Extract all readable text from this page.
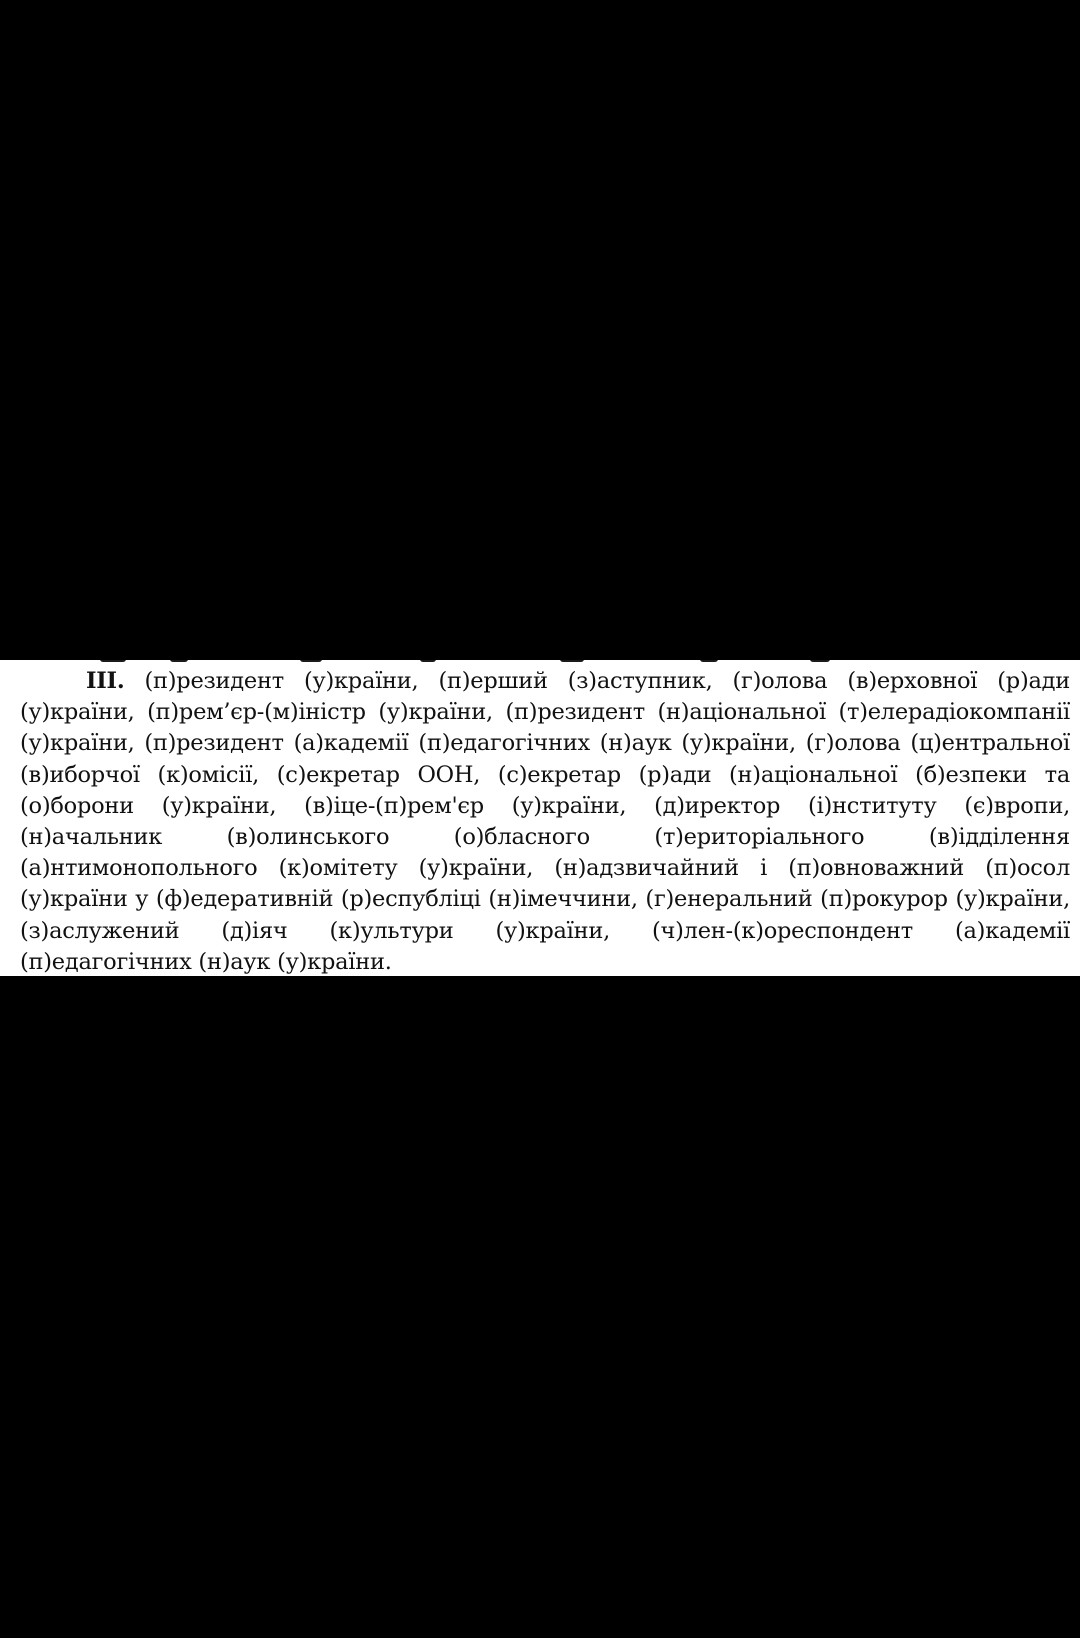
III. (п)резидент (у)країни, (п)ерший (з)аступник, (г)олова (в)ерховної (р)ади (у)країни, (п)рем’єр-(м)іністр (у)країни, (п)резидент (н)аціональної (т)елерадіокомпанії (у)країни, (п)резидент (а)кадемії (п)едагогічних (н)аук (у)країни, (г)олова (ц)ентральної (в)иборчої (к)омісії, (с)екретар ООН, (с)екретар (р)ади (н)аціональної (б)езпеки та (о)борони (у)країни, (в)іце-(п)рем'єр (у)країни, (д)иректор (і)нституту (є)вропи, (н)ачальник (в)олинського (о)бласного (т)ериторіального (в)ідділення (а)нтимонопольного (к)омітету (у)країни, (н)адзвичайний і (п)овноважний (п)осол (у)країни у (ф)едеративній (р)еспубліці (н)імеччини, (г)енеральний (п)рокурор (у)країни, (з)аслужений (д)іяч (к)ультури (у)країни, (ч)лен-(к)ореспондент (а)кадемії (п)едагогічних (н)аук (у)країни.
